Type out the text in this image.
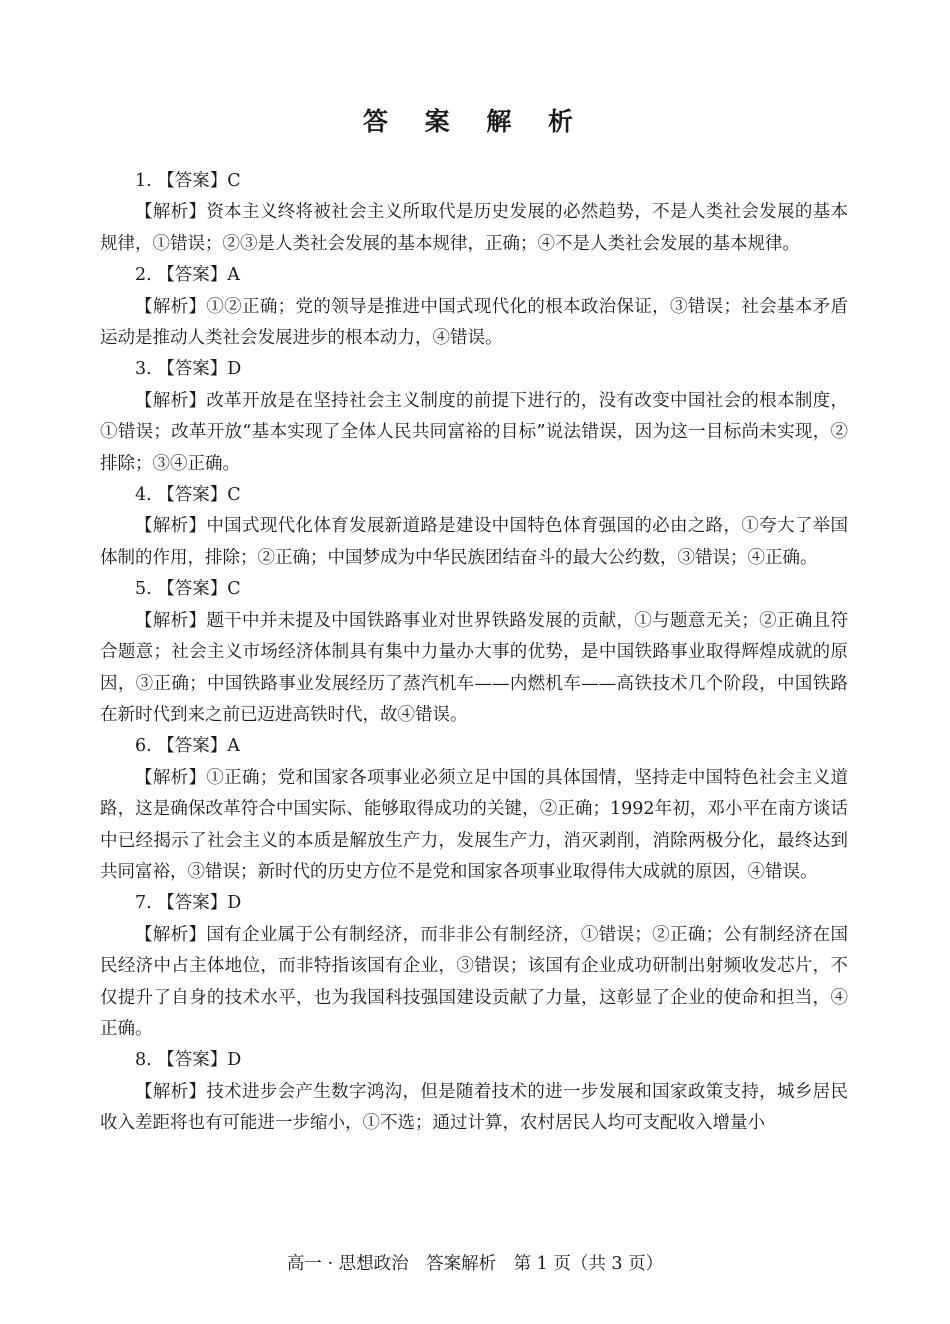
答 案 解 析

1. 【答案】C

【解析】资本主义终将被社会主义所取代是历史发展的必然趋势，不是人类社会发展的基本规律，①错误；②③是人类社会发展的基本规律，正确；④不是人类社会发展的基本规律。

2. 【答案】A

【解析】①②正确；党的领导是推进中国式现代化的根本政治保证，③错误；社会基本矛盾运动是推动人类社会发展进步的根本动力，④错误。

3. 【答案】D

【解析】改革开放是在坚持社会主义制度的前提下进行的，没有改变中国社会的根本制度，①错误；改革开放“基本实现了全体人民共同富裕的目标”说法错误，因为这一目标尚未实现，②排除；③④正确。

4. 【答案】C

【解析】中国式现代化体育发展新道路是建设中国特色体育强国的必由之路，①夸大了举国体制的作用，排除；②正确；中国梦成为中华民族团结奋斗的最大公约数，③错误；④正确。

5. 【答案】C

【解析】题干中并未提及中国铁路事业对世界铁路发展的贡献，①与题意无关；②正确且符合题意；社会主义市场经济体制具有集中力量办大事的优势，是中国铁路事业取得辉煌成就的原因，③正确；中国铁路事业发展经历了蒸汽机车——内燃机车——高铁技术几个阶段，中国铁路在新时代到来之前已迈进高铁时代，故④错误。

6. 【答案】A

【解析】①正确；党和国家各项事业必须立足中国的具体国情，坚持走中国特色社会主义道路，这是确保改革符合中国实际、能够取得成功的关键，②正确；1992年初，邓小平在南方谈话中已经揭示了社会主义的本质是解放生产力，发展生产力，消灭剥削，消除两极分化，最终达到共同富裕，③错误；新时代的历史方位不是党和国家各项事业取得伟大成就的原因，④错误。

7. 【答案】D

【解析】国有企业属于公有制经济，而非非公有制经济，①错误；②正确；公有制经济在国民经济中占主体地位，而非特指该国有企业，③错误；该国有企业成功研制出射频收发芯片，不仅提升了自身的技术水平，也为我国科技强国建设贡献了力量，这彰显了企业的使命和担当，④正确。

8. 【答案】D

【解析】技术进步会产生数字鸿沟，但是随着技术的进一步发展和国家政策支持，城乡居民收入差距将也有可能进一步缩小，①不选；通过计算，农村居民人均可支配收入增量小

高一 · 思想政治　答案解析　第 1 页（共 3 页）
